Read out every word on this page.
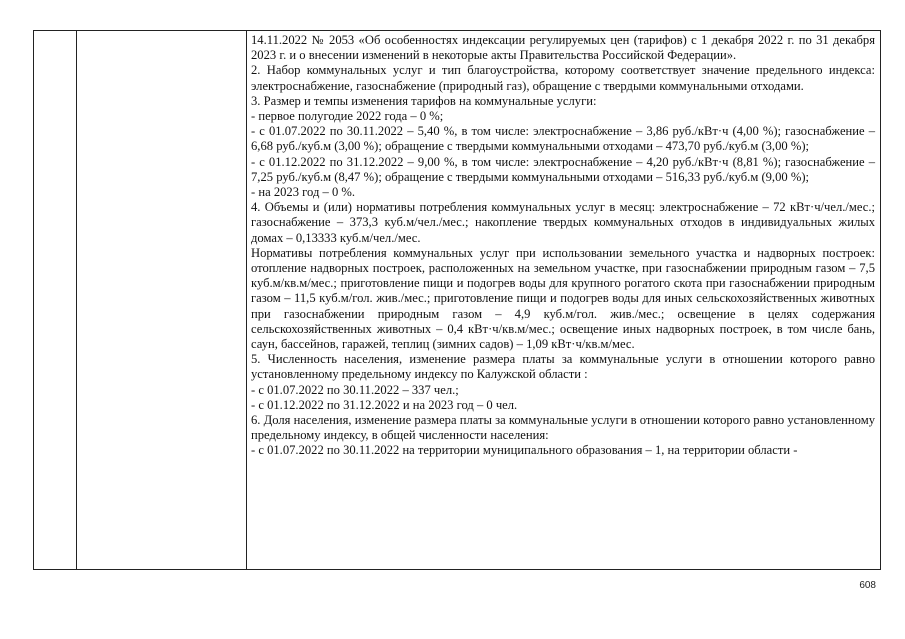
14.11.2022 № 2053 «Об особенностях индексации регулируемых цен (тарифов) с 1 декабря 2022 г. по 31 декабря 2023 г. и о внесении изменений в некоторые акты Правительства Российской Федерации».

2. Набор коммунальных услуг и тип благоустройства, которому соответствует значение предельного индекса: электроснабжение, газоснабжение (природный газ), обращение с твердыми коммунальными отходами.

3. Размер и темпы изменения тарифов на коммунальные услуги:

- первое полугодие 2022 года – 0 %;

- с 01.07.2022 по 30.11.2022 – 5,40 %, в том числе: электроснабжение – 3,86 руб./кВт·ч (4,00 %); газоснабжение – 6,68 руб./куб.м (3,00 %); обращение с твердыми коммунальными отходами – 473,70 руб./куб.м (3,00 %);

- с 01.12.2022 по 31.12.2022 – 9,00 %, в том числе: электроснабжение – 4,20 руб./кВт·ч (8,81 %); газоснабжение – 7,25 руб./куб.м (8,47 %); обращение с твердыми коммунальными отходами – 516,33 руб./куб.м (9,00 %);

- на 2023 год – 0 %.

4. Объемы и (или) нормативы потребления коммунальных услуг в месяц: электроснабжение – 72 кВт·ч/чел./мес.; газоснабжение – 373,3 куб.м/чел./мес.; накопление твердых коммунальных отходов в индивидуальных жилых домах – 0,13333 куб.м/чел./мес.

Нормативы потребления коммунальных услуг при использовании земельного участка и надворных построек: отопление надворных построек, расположенных на земельном участке, при газоснабжении природным газом – 7,5 куб.м/кв.м/мес.; приготовление пищи и подогрев воды для крупного рогатого скота при газоснабжении природным газом – 11,5 куб.м/гол. жив./мес.; приготовление пищи и подогрев воды для иных сельскохозяйственных животных при газоснабжении природным газом – 4,9 куб.м/гол. жив./мес.; освещение в целях содержания сельскохозяйственных животных – 0,4 кВт·ч/кв.м/мес.; освещение иных надворных построек, в том числе бань, саун, бассейнов, гаражей, теплиц (зимних садов) – 1,09 кВт·ч/кв.м/мес.

5. Численность населения, изменение размера платы за коммунальные услуги в отношении которого равно установленному предельному индексу по Калужской области :

- с 01.07.2022 по 30.11.2022 – 337 чел.;

- с 01.12.2022 по 31.12.2022 и на 2023 год – 0 чел.

6. Доля населения, изменение размера платы за коммунальные услуги в отношении которого равно установленному предельному индексу, в общей численности населения:

- с 01.07.2022 по 30.11.2022 на территории муниципального образования – 1, на территории области -

608
